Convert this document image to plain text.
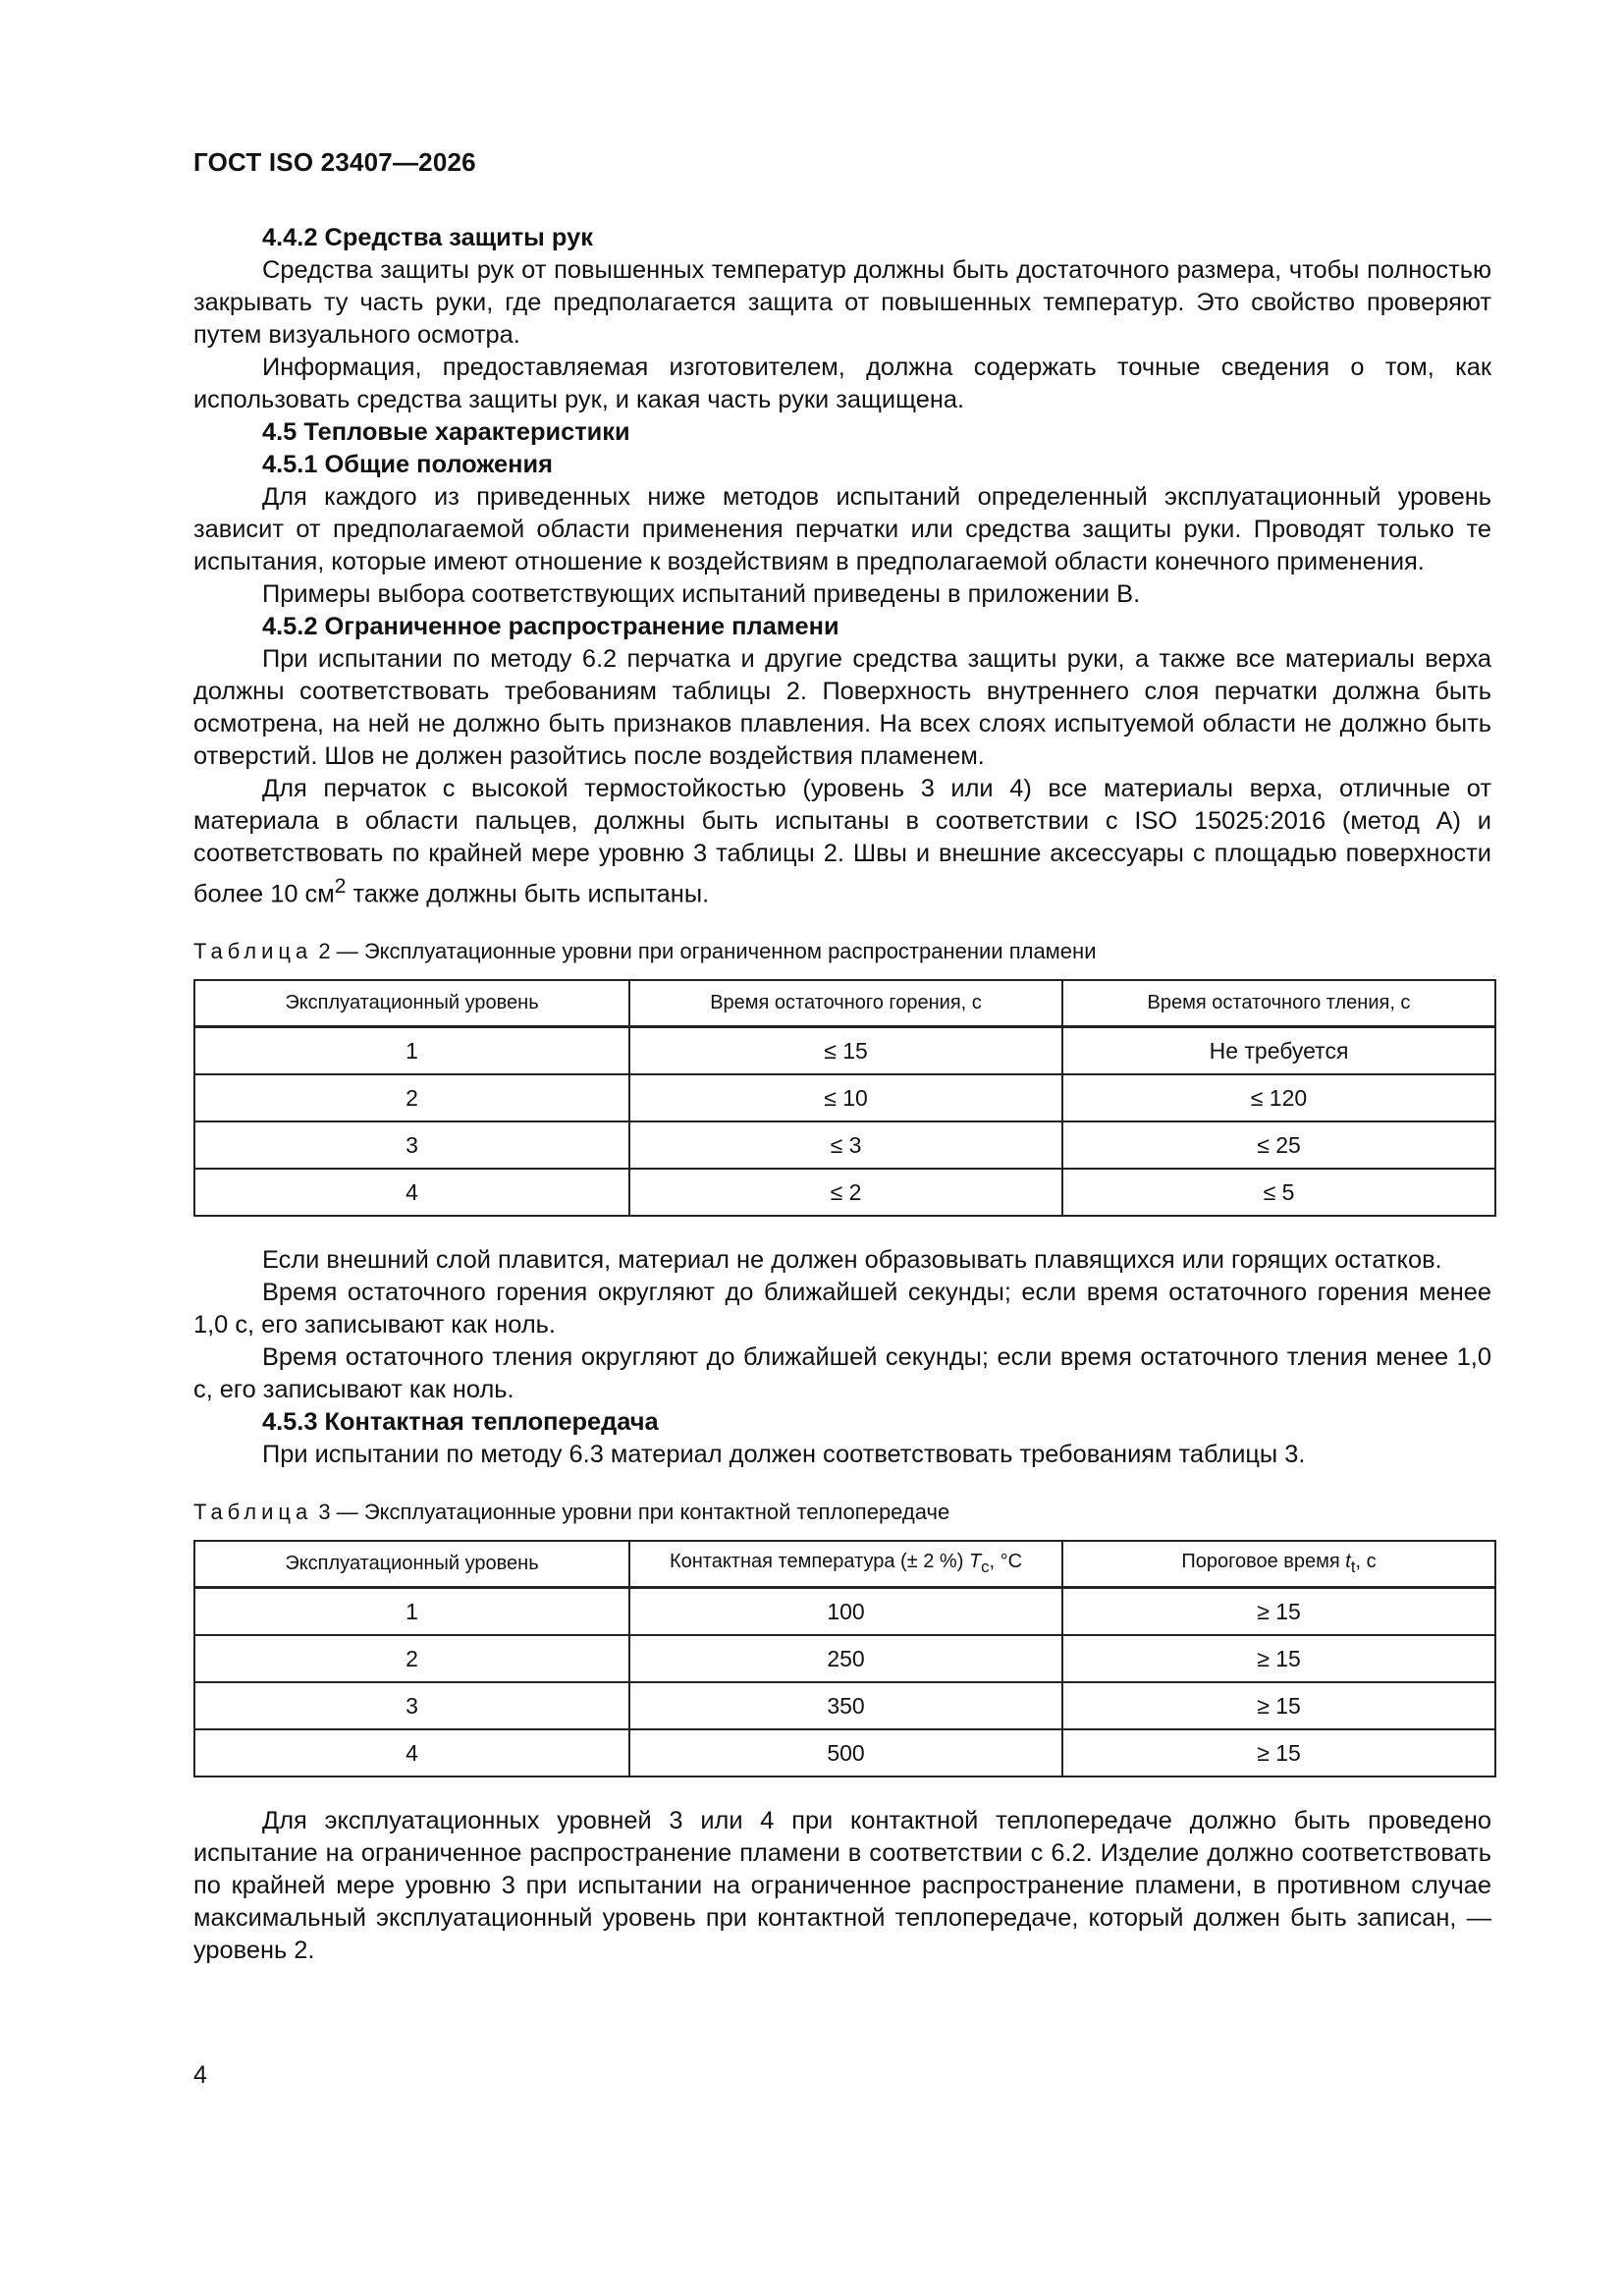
ГОСТ ISO 23407—2026

4.4.2 Средства защиты рук

Средства защиты рук от повышенных температур должны быть достаточного размера, чтобы полностью закрывать ту часть руки, где предполагается защита от повышенных температур. Это свойство проверяют путем визуального осмотра.

Информация, предоставляемая изготовителем, должна содержать точные сведения о том, как использовать средства защиты рук, и какая часть руки защищена.

4.5 Тепловые характеристики

4.5.1 Общие положения

Для каждого из приведенных ниже методов испытаний определенный эксплуатационный уровень зависит от предполагаемой области применения перчатки или средства защиты руки. Проводят только те испытания, которые имеют отношение к воздействиям в предполагаемой области конечного применения.

Примеры выбора соответствующих испытаний приведены в приложении В.

4.5.2 Ограниченное распространение пламени

При испытании по методу 6.2 перчатка и другие средства защиты руки, а также все материалы верха должны соответствовать требованиям таблицы 2. Поверхность внутреннего слоя перчатки должна быть осмотрена, на ней не должно быть признаков плавления. На всех слоях испытуемой области не должно быть отверстий. Шов не должен разойтись после воздействия пламенем.

Для перчаток с высокой термостойкостью (уровень 3 или 4) все материалы верха, отличные от материала в области пальцев, должны быть испытаны в соответствии с ISO 15025:2016 (метод А) и соответствовать по крайней мере уровню 3 таблицы 2. Швы и внешние аксессуары с площадью поверхности более 10 $см^2$ также должны быть испытаны.

Таблица 2 — Эксплуатационные уровни при ограниченном распространении пламени
Эксплуатационный уровень	Время остаточного горения, с	Время остаточного тления, с
1	≤ 15	Не требуется
2	≤ 10	≤ 120
3	≤ 3	≤ 25
4	≤ 2	≤ 5

Если внешний слой плавится, материал не должен образовывать плавящихся или горящих остатков.

Время остаточного горения округляют до ближайшей секунды; если время остаточного горения менее 1,0 с, его записывают как ноль.

Время остаточного тления округляют до ближайшей секунды; если время остаточного тления менее 1,0 с, его записывают как ноль.

4.5.3 Контактная теплопередача

При испытании по методу 6.3 материал должен соответствовать требованиям таблицы 3.

Таблица 3 — Эксплуатационные уровни при контактной теплопередаче
Эксплуатационный уровень	Контактная температура (± 2 %) $T_c$, °C	Пороговое время $t_t$, с
1	100	≥ 15
2	250	≥ 15
3	350	≥ 15
4	500	≥ 15

Для эксплуатационных уровней 3 или 4 при контактной теплопередаче должно быть проведено испытание на ограниченное распространение пламени в соответствии с 6.2. Изделие должно соответствовать по крайней мере уровню 3 при испытании на ограниченное распространение пламени, в противном случае максимальный эксплуатационный уровень при контактной теплопередаче, который должен быть записан, — уровень 2.

4
